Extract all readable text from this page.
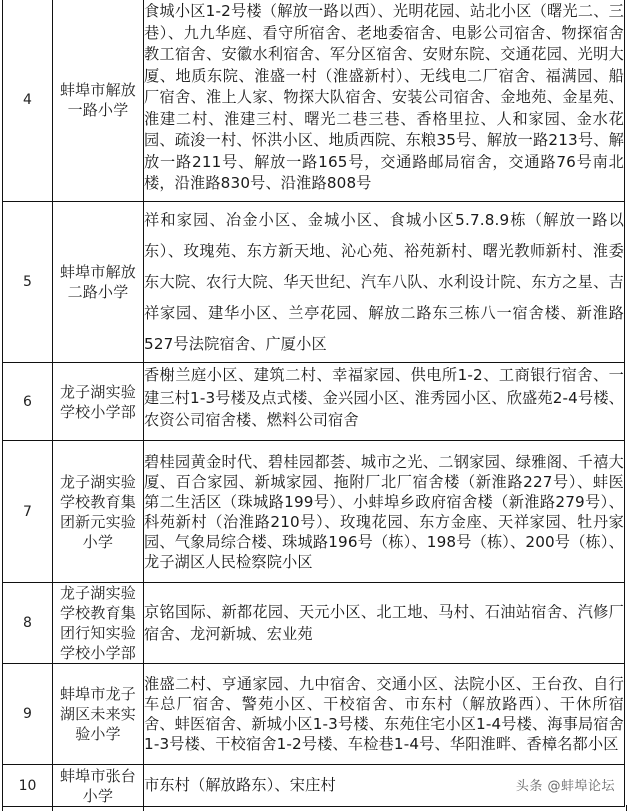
4	蚌埠市解放一路小学	食城小区1-2号楼（解放一路以西）、光明花园、站北小区（曙光二、三巷）、九九华庭、看守所宿舍、老地委宿舍、电影公司宿舍、物探宿舍教工宿舍、安徽水利宿舍、军分区宿舍、安财东院、交通花园、光明大厦、地质东院、淮盛一村（淮盛新村）、无线电二厂宿舍、福满园、船厂宿舍、淮上人家、物探大队宿舍、安装公司宿舍、金地苑、金星苑、淮建二村、淮建三村、曙光二巷三巷、香格里拉、人和家园、金水花园、疏浚一村、怀洪小区、地质西院、东粮35号、解放一路213号、解放一路211号、解放一路165号，交通路邮局宿舍，交通路76号南北楼，沿淮路830号、沿淮路808号
5	蚌埠市解放二路小学	祥和家园、冶金小区、金城小区、食城小区5.7.8.9栋（解放一路以东）、玫瑰苑、东方新天地、沁心苑、裕苑新村、曙光教师新村、淮委东大院、农行大院、华天世纪、汽车八队、水利设计院、东方之星、吉祥家园、建华小区、兰亭花园、解放二路东三栋八一宿舍楼、新淮路527号法院宿舍、广厦小区
6	龙子湖实验学校小学部	香榭兰庭小区、建筑二村、幸福家园、供电所1-2、工商银行宿舍、一建三村1-3号楼及点式楼、金兴园小区、淮秀园小区、欣盛苑2-4号楼、农资公司宿舍楼、燃料公司宿舍
7	龙子湖实验学校教育集团新元实验小学	碧桂园黄金时代、碧桂园都荟、城市之光、二钢家园、绿雅阁、千禧大厦、百合家园、新城家园、拖附厂北厂宿舍楼（新淮路227号）、蚌医第二生活区（珠城路199号）、小蚌埠乡政府宿舍楼（新淮路279号）、科苑新村（治淮路210号）、玫瑰花园、东方金座、天祥家园、牡丹家园、气象局综合楼、珠城路196号（栋）、198号（栋）、200号（栋）、龙子湖区人民检察院小区
8	龙子湖实验学校教育集团行知实验学校小学部	京铭国际、新都花园、天元小区、北工地、马村、石油站宿舍、汽修厂宿舍、龙河新城、宏业苑
9	蚌埠市龙子湖区未来实验小学	淮盛二村、亨通家园、九中宿舍、交通小区、法院小区、王台孜、自行车总厂宿舍、警苑小区、干校宿舍、市东村（解放路西）、干休所宿舍、蚌医宿舍、新城小区1-3号楼、东苑住宅小区1-4号楼、海事局宿舍1-3号楼、干校宿舍1-2号楼、车检巷1-4号、华阳淮畔、香樟名都小区
10	蚌埠市张台小学	市东村（解放路东）、宋庄村	头条 @蚌埠论坛
